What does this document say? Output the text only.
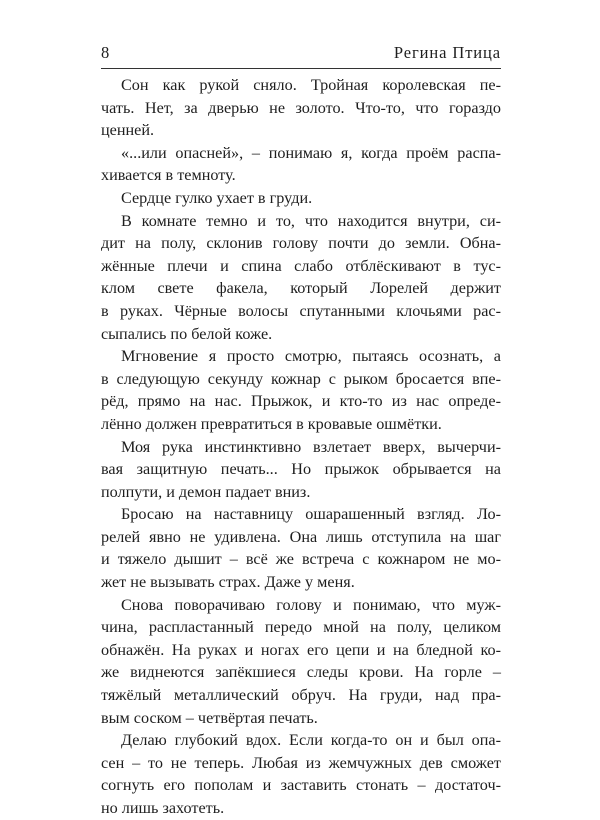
8	Регина Птица
Сон как рукой сняло. Тройная королевская пе-
чать. Нет, за дверью не золото. Что-то, что гораздо
ценней.
«...или опасней», – понимаю я, когда проём распа-
хивается в темноту.
Сердце гулко ухает в груди.
В комнате темно и то, что находится внутри, си-
дит на полу, склонив голову почти до земли. Обна-
жённые плечи и спина слабо отблёскивают в тус-
клом свете факела, который Лорелей держит
в руках. Чёрные волосы спутанными клочьями рас-
сыпались по белой коже.
Мгновение я просто смотрю, пытаясь осознать, а
в следующую секунду кожнар с рыком бросается впе-
рёд, прямо на нас. Прыжок, и кто-то из нас опреде-
лённо должен превратиться в кровавые ошмётки.
Моя рука инстинктивно взлетает вверх, вычерчи-
вая защитную печать... Но прыжок обрывается на
полпути, и демон падает вниз.
Бросаю на наставницу ошарашенный взгляд. Ло-
релей явно не удивлена. Она лишь отступила на шаг
и тяжело дышит – всё же встреча с кожнаром не мо-
жет не вызывать страх. Даже у меня.
Снова поворачиваю голову и понимаю, что муж-
чина, распластанный передо мной на полу, целиком
обнажён. На руках и ногах его цепи и на бледной ко-
же виднеются запёкшиеся следы крови. На горле –
тяжёлый металлический обруч. На груди, над пра-
вым соском – четвёртая печать.
Делаю глубокий вдох. Если когда-то он и был опа-
сен – то не теперь. Любая из жемчужных дев сможет
согнуть его пополам и заставить стонать – достаточ-
но лишь захотеть.
